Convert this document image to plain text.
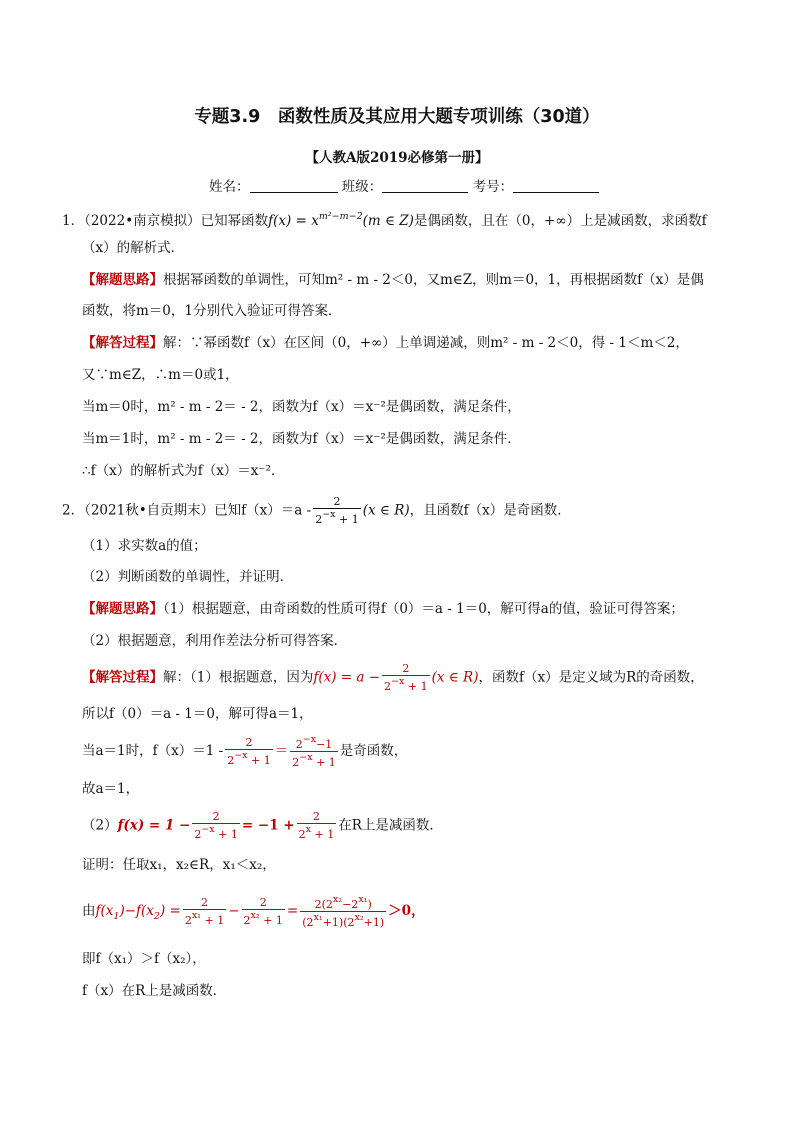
专题3.9　函数性质及其应用大题专项训练（30道）
【人教A版2019必修第一册】
姓名：	班级：	考号：
1．（2022•南京模拟）已知幂函数$f(x) = x^{m^2-m-2}(m$ ∈ Z)是偶函数，且在（0，+∞）上是减函数，求函数f
（x）的解析式．
【解题思路】根据幂函数的单调性，可知m² - m - 2＜0，又m∈Z，则m＝0，1，再根据函数f（x）是偶
函数，将m＝0，1分别代入验证可得答案．
【解答过程】解：∵幂函数f（x）在区间（0，+∞）上单调递减，则m² - m - 2＜0，得 - 1＜m＜2，
又∵m∈Z，∴m＝0或1，
当m＝0时，m² - m - 2＝ - 2，函数为f（x）＝x⁻²是偶函数，满足条件，
当m＝1时，m² - m - 2＝ - 2，函数为f（x）＝x⁻²是偶函数，满足条件．
∴f（x）的解析式为f（x）＝x⁻²．
2．（2021秋•自贡期末）已知$f(x)=a - \frac{2}{2-x + 1} (x$ ∈ R)，且函数f（x）是奇函数．
（1）求实数a的值；
（2）判断函数的单调性，并证明．
【解题思路】（1）根据题意，由奇函数的性质可得f（0）＝a - 1＝0，解可得a的值，验证可得答案；
（2）根据题意，利用作差法分析可得答案．
【解答过程】解：（1）根据题意，因为$f(x) = a - \frac{2}{2-x + 1} (x$ ∈ R)，函数f（x）是定义域为R的奇函数，
所以f（0）＝a - 1＝0，解可得a＝1，
当a＝1时，$f(x)=1 - \frac{2}{2-x + 1} = \frac{2-x-1}{2-x + 1}$ 是奇函数，
故a＝1，
$(2)f(x) = 1 - \frac{2}{2-x + 1} = -1 + \frac{2}{2x + 1}$ 在R上是减函数．
证明：任取x₁，x₂∈R，x₁＜x₂，
由$f(x_1)-f(x_2) = \frac{2}{\text{2x₁ + 1}} - \frac{2}{\text{2x₂ + 1}} = \frac{\text{2(2x₂−2x₁)}}{\text{(2x₁+1)(2x₂+1)}} >0$，
即f（x₁）＞f（x₂），
f（x）在R上是减函数．
